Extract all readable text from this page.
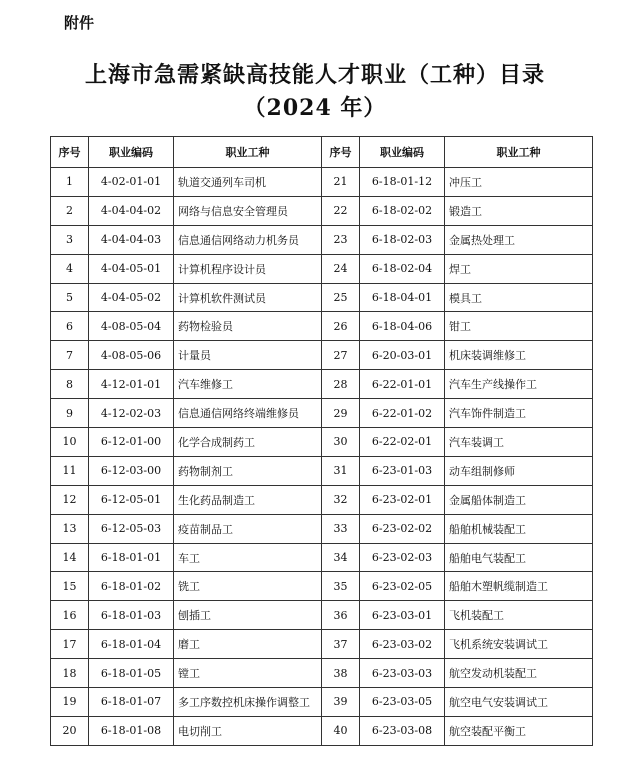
附件
上海市急需紧缺高技能人才职业（工种）目录
（2024 年）
序号	职业编码	职业工种	序号	职业编码	职业工种
1	4-02-01-01	轨道交通列车司机	21	6-18-01-12	冲压工
2	4-04-04-02	网络与信息安全管理员	22	6-18-02-02	锻造工
3	4-04-04-03	信息通信网络动力机务员	23	6-18-02-03	金属热处理工
4	4-04-05-01	计算机程序设计员	24	6-18-02-04	焊工
5	4-04-05-02	计算机软件测试员	25	6-18-04-01	模具工
6	4-08-05-04	药物检验员	26	6-18-04-06	钳工
7	4-08-05-06	计量员	27	6-20-03-01	机床装调维修工
8	4-12-01-01	汽车维修工	28	6-22-01-01	汽车生产线操作工
9	4-12-02-03	信息通信网络终端维修员	29	6-22-01-02	汽车饰件制造工
10	6-12-01-00	化学合成制药工	30	6-22-02-01	汽车装调工
11	6-12-03-00	药物制剂工	31	6-23-01-03	动车组制修师
12	6-12-05-01	生化药品制造工	32	6-23-02-01	金属船体制造工
13	6-12-05-03	疫苗制品工	33	6-23-02-02	船舶机械装配工
14	6-18-01-01	车工	34	6-23-02-03	船舶电气装配工
15	6-18-01-02	铣工	35	6-23-02-05	船舶木塑帆缆制造工
16	6-18-01-03	刨插工	36	6-23-03-01	飞机装配工
17	6-18-01-04	磨工	37	6-23-03-02	飞机系统安装调试工
18	6-18-01-05	镗工	38	6-23-03-03	航空发动机装配工
19	6-18-01-07	多工序数控机床操作调整工	39	6-23-03-05	航空电气安装调试工
20	6-18-01-08	电切削工	40	6-23-03-08	航空装配平衡工
